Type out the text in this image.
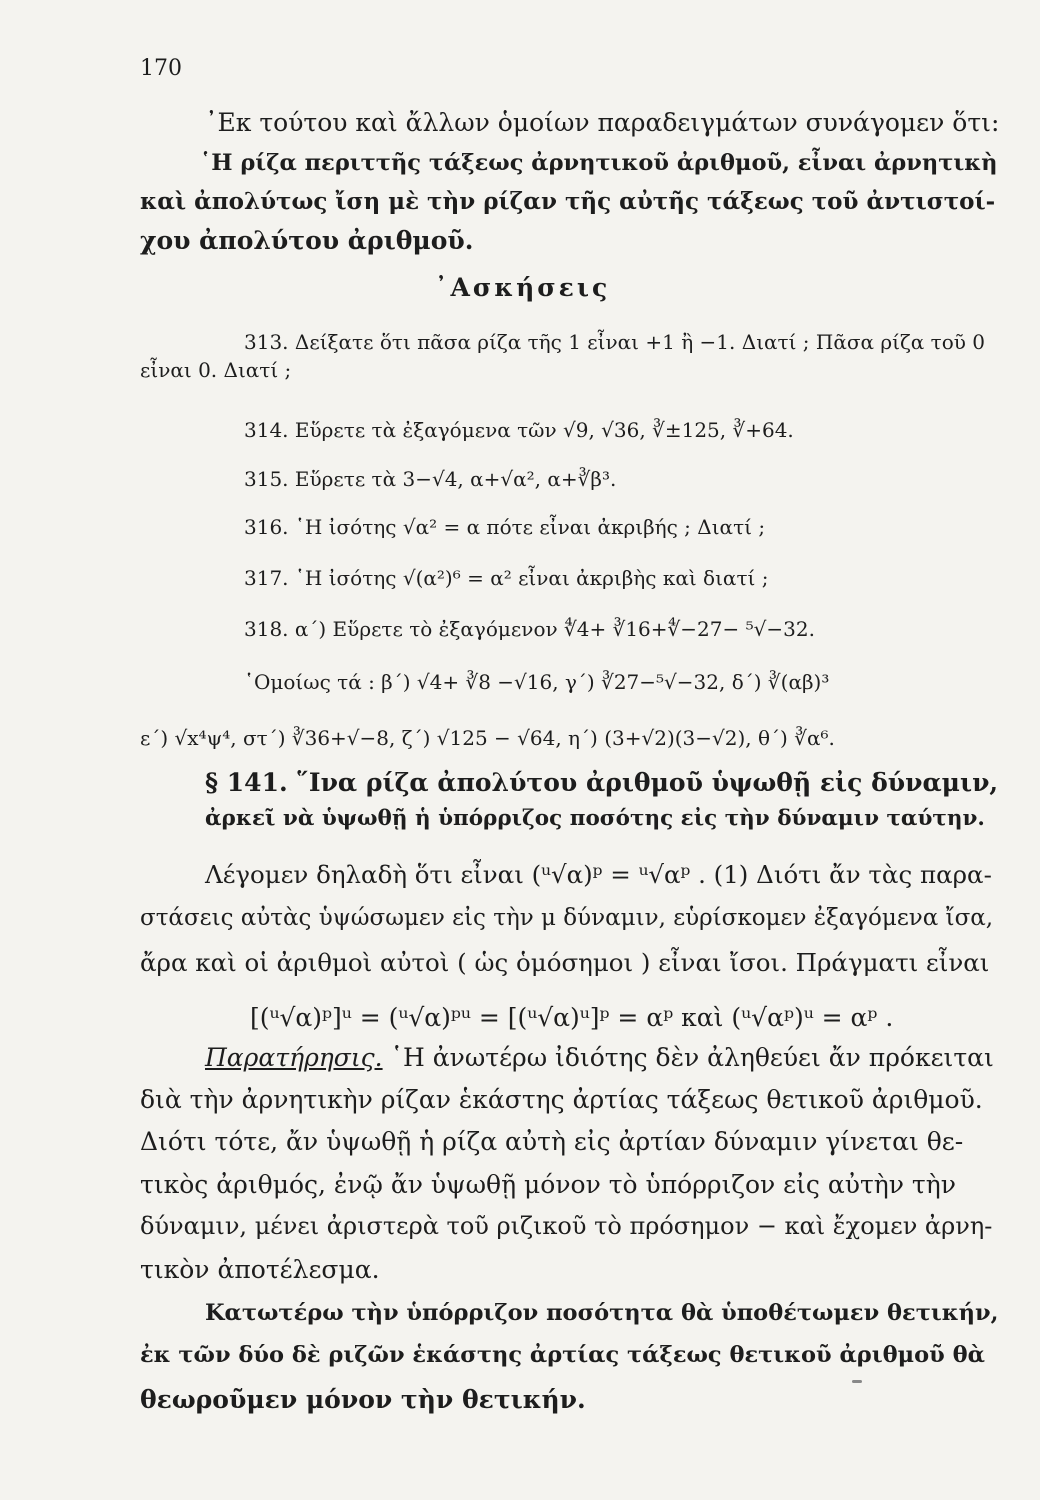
170
᾿Εκ τούτου καὶ ἄλλων ὁμοίων παραδειγμάτων συνάγομεν ὅτι:
῾Η ρίζα περιττῆς τάξεως ἀρνητικοῦ ἀριθμοῦ, εἶναι ἀρνητικὴ
καὶ ἀπολύτως ἴση μὲ τὴν ρίζαν τῆς αὐτῆς τάξεως τοῦ ἀντιστοί-
χου ἀπολύτου ἀριθμοῦ.
᾿Ασκήσεις
313. Δείξατε ὅτι πᾶσα ρίζα τῆς 1 εἶναι +1 ἢ −1. Διατί ; Πᾶσα ρίζα τοῦ 0
εἶναι 0. Διατί ;
314. Εὕρετε τὰ ἐξαγόμενα τῶν √9, √36, ∛±125, ∛+64.
315. Εὕρετε τὰ 3−√4, α+√α², α+∛β³.
316. ῾Η ἰσότης √α² = α πότε εἶναι ἀκριβής ; Διατί ;
317. ῾Η ἰσότης √(α²)⁶ = α² εἶναι ἀκριβὴς καὶ διατί ;
318. α΄) Εὕρετε τὸ ἐξαγόμενον ∜4+ ∛16+∜−27− ⁵√−32.
῾Ομοίως τά : β΄) √4+ ∛8 −√16, γ΄) ∛27−⁵√−32, δ΄) ∛(αβ)³
ε΄) √x⁴ψ⁴, στ΄) ∛36+√−8, ζ΄) √125 − √64, η΄) (3+√2)(3−√2), θ΄) ∛α⁶.
§ 141. ῞Ινα ρίζα ἀπολύτου ἀριθμοῦ ὑψωθῇ εἰς δύναμιν,
ἀρκεῖ νὰ ὑψωθῇ ἡ ὑπόρριζος ποσότης εἰς τὴν δύναμιν ταύτην.
Λέγομεν δηλαδὴ ὅτι εἶναι (ᵘ√α)ᵖ = ᵘ√αᵖ . (1) Διότι ἄν τὰς παρα-
στάσεις αὐτὰς ὑψώσωμεν εἰς τὴν μ δύναμιν, εὑρίσκομεν ἐξαγόμενα ἴσα,
ἄρα καὶ οἱ ἀριθμοὶ αὐτοὶ ( ὡς ὁμόσημοι ) εἶναι ἴσοι. Πράγματι εἶναι
[(ᵘ√α)ᵖ]ᵘ = (ᵘ√α)ᵖᵘ = [(ᵘ√α)ᵘ]ᵖ = αᵖ καὶ (ᵘ√αᵖ)ᵘ = αᵖ .
Παρατήρησις. ῾Η ἀνωτέρω ἰδιότης δὲν ἀληθεύει ἄν πρόκειται
διὰ τὴν ἀρνητικὴν ρίζαν ἑκάστης ἀρτίας τάξεως θετικοῦ ἀριθμοῦ.
Διότι τότε, ἄν ὑψωθῇ ἡ ρίζα αὐτὴ εἰς ἀρτίαν δύναμιν γίνεται θε-
τικὸς ἀριθμός, ἐνῷ ἄν ὑψωθῇ μόνον τὸ ὑπόρριζον εἰς αὐτὴν τὴν
δύναμιν, μένει ἀριστερὰ τοῦ ριζικοῦ τὸ πρόσημον − καὶ ἔχομεν ἀρνη-
τικὸν ἀποτέλεσμα.
Κατωτέρω τὴν ὑπόρριζον ποσότητα θὰ ὑποθέτωμεν θετικήν,
ἐκ τῶν δύο δὲ ριζῶν ἑκάστης ἀρτίας τάξεως θετικοῦ ἀριθμοῦ θὰ
θεωροῦμεν μόνον τὴν θετικήν.
